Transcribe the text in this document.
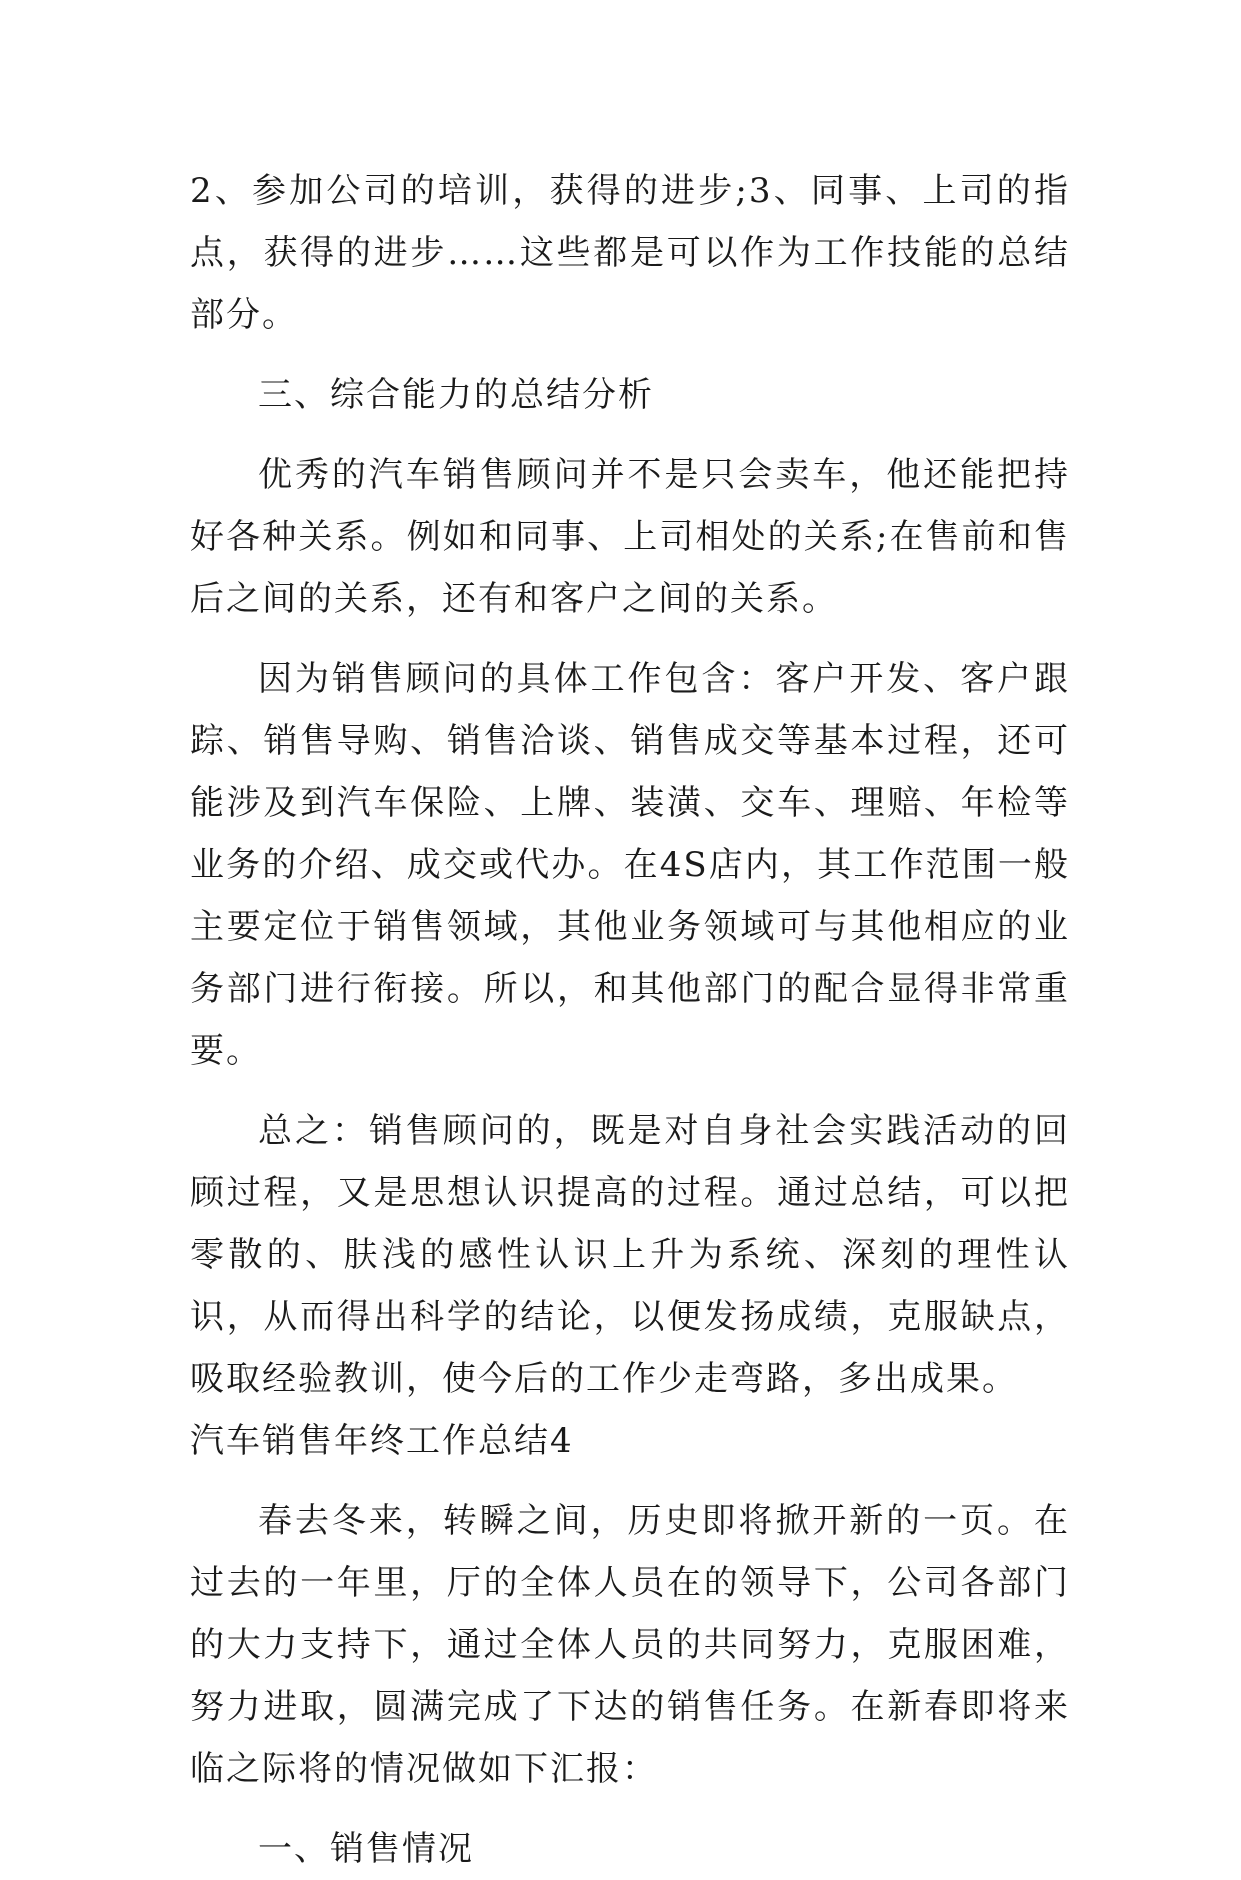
2、参加公司的培训，获得的进步;3、同事、上司的指点，获得的进步……这些都是可以作为工作技能的总结部分。

三、综合能力的总结分析

优秀的汽车销售顾问并不是只会卖车，他还能把持好各种关系。例如和同事、上司相处的关系;在售前和售后之间的关系，还有和客户之间的关系。

因为销售顾问的具体工作包含：客户开发、客户跟踪、销售导购、销售洽谈、销售成交等基本过程，还可能涉及到汽车保险、上牌、装潢、交车、理赔、年检等业务的介绍、成交或代办。在4S店内，其工作范围一般主要定位于销售领域，其他业务领域可与其他相应的业务部门进行衔接。所以，和其他部门的配合显得非常重要。

总之：销售顾问的，既是对自身社会实践活动的回顾过程，又是思想认识提高的过程。通过总结，可以把零散的、肤浅的感性认识上升为系统、深刻的理性认识，从而得出科学的结论，以便发扬成绩，克服缺点，吸取经验教训，使今后的工作少走弯路，多出成果。

汽车销售年终工作总结4

春去冬来，转瞬之间，历史即将掀开新的一页。在过去的一年里，厅的全体人员在的领导下，公司各部门的大力支持下，通过全体人员的共同努力，克服困难，努力进取，圆满完成了下达的销售任务。在新春即将来临之际将的情况做如下汇报：

一、销售情况
